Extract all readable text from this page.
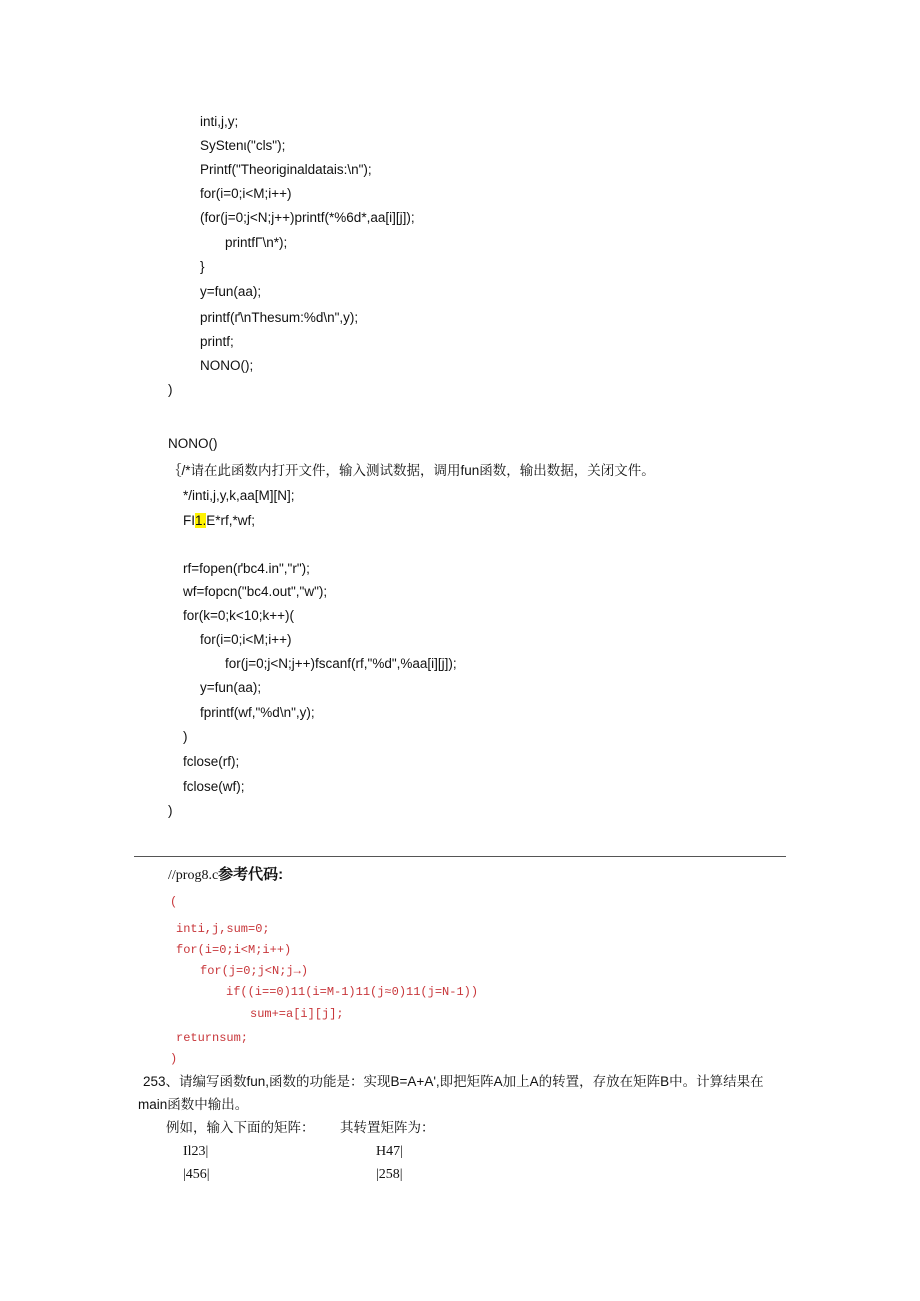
inti,j,y;
SyStenι("cls");
Printf("Theoriginaldatais:\n");
for(i=0;i<M;i++)
(for(j=0;j<N;j++)printf(*%6d*,aa[i][j]);
printfΓ\n*);
}
y=fun(aa);
printf(ґ\nThesum:%d\n",y);
printf;
NONO();
)
NONO()
｛/*请在此函数内打开文件，输入测试数据，调用fun函数，输出数据，关闭文件。
*/inti,j,y,k,aa[M][N];
FI1.E*rf,*wf;
rf=fopen(ґbc4.in","r");
wf=fopcn("bc4.out","w");
for(k=0;k<10;k++)(
for(i=0;i<M;i++)
for(j=0;j<N;j++)fscanf(rf,"%d",%aa[i][j]);
y=fun(aa);
fprintf(wf,"%d\n",y);
)
fclose(rf);
fclose(wf);
)
//prog8.c参考代码:
(
inti,j,sum=0;
for(i=0;i<M;i++)
for(j=0;j<N;j→)
if((i==0)11(i=M-1)11(j≈0)11(j=N-1))
sum+=a[i][j];
returnsum;
)
253、请编写函数fun,函数的功能是：实现B=A+A',即把矩阵A加上A的转置，存放在矩阵B中。计算结果在
main函数中输出。
例如，输入下面的矩阵： 其转置矩阵为：
Il23|	H47|
|456|	|258|
